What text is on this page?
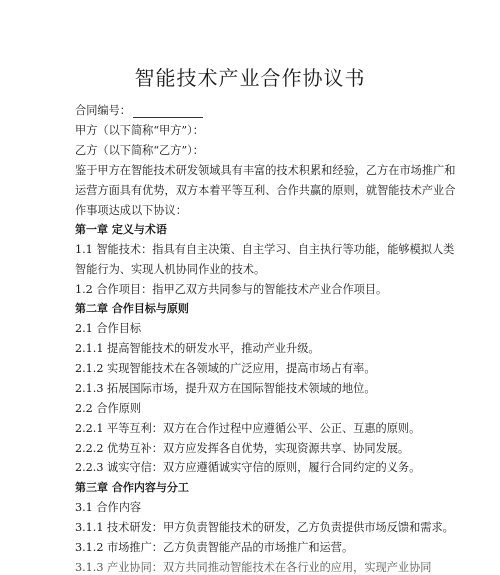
智能技术产业合作协议书
合同编号：
甲方（以下简称“甲方”）：
乙方（以下简称“乙方”）：
鉴于甲方在智能技术研发领域具有丰富的技术积累和经验，乙方在市场推广和
运营方面具有优势，双方本着平等互利、合作共赢的原则，就智能技术产业合
作事项达成以下协议：
第一章 定义与术语
1.1 智能技术：指具有自主决策、自主学习、自主执行等功能，能够模拟人类
智能行为、实现人机协同作业的技术。
1.2 合作项目：指甲乙双方共同参与的智能技术产业合作项目。
第二章 合作目标与原则
2.1 合作目标
2.1.1 提高智能技术的研发水平，推动产业升级。
2.1.2 实现智能技术在各领域的广泛应用，提高市场占有率。
2.1.3 拓展国际市场，提升双方在国际智能技术领域的地位。
2.2 合作原则
2.2.1 平等互利：双方在合作过程中应遵循公平、公正、互惠的原则。
2.2.2 优势互补：双方应发挥各自优势，实现资源共享、协同发展。
2.2.3 诚实守信：双方应遵循诚实守信的原则，履行合同约定的义务。
第三章 合作内容与分工
3.1 合作内容
3.1.1 技术研发：甲方负责智能技术的研发，乙方负责提供市场反馈和需求。
3.1.2 市场推广：乙方负责智能产品的市场推广和运营。
3.1.3 产业协同：双方共同推动智能技术在各行业的应用，实现产业协同
